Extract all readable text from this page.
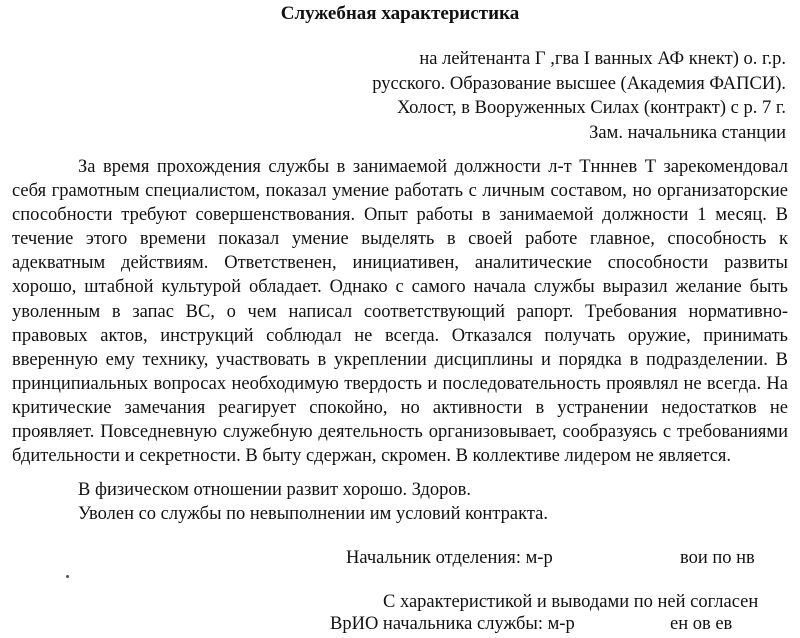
Служебная характеристика
на лейтенанта Г ,гва I ванных АФ кнект) о. г.р.
русского. Образование высшее (Академия ФАПСИ).
Холост, в Вооруженных Силах (контракт) с р. 7 г.
Зам. начальника станции

За время прохождения службы в занимаемой должности л-т Тнннев Т зарекомендовал себя грамотным специалистом, показал умение работать с личным составом, но организаторские способности требуют совершенствования. Опыт работы в занимаемой должности 1 месяц. В течение этого времени показал умение выделять в своей работе главное, способность к адекватным действиям. Ответственен, инициативен, аналитические способности развиты хорошо, штабной культурой обладает. Однако с самого начала службы выразил желание быть уволенным в запас ВС, о чем написал соответствующий рапорт. Требования нормативно-правовых актов, инструкций соблюдал не всегда. Отказался получать оружие, принимать вверенную ему технику, участвовать в укреплении дисциплины и порядка в подразделении. В принципиальных вопросах необходимую твердость и последовательность проявлял не всегда. На критические замечания реагирует спокойно, но активности в устранении недостатков не проявляет. Повседневную служебную деятельность организовывает, сообразуясь с требованиями бдительности и секретности. В быту сдержан, скромен. В коллективе лидером не является.

В физическом отношении развит хорошо. Здоров.

Уволен со службы по невыполнении им условий контракта.

Начальник отделения: м-р	вои по нв
С характеристикой и выводами по ней согласен
ВрИО начальника службы: м-р	ен ов ев
